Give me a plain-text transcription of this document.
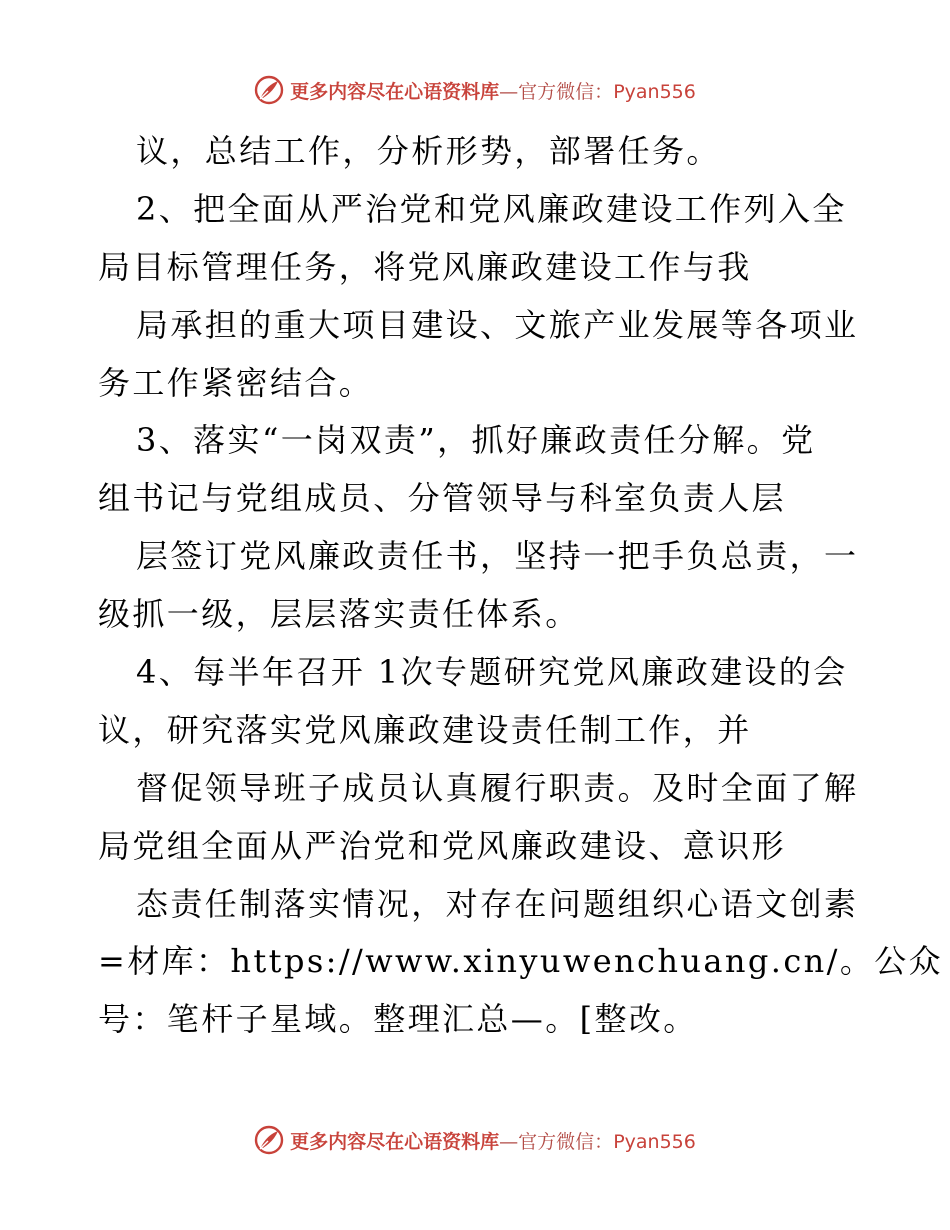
更多内容尽在心语资料库—官方微信：Pyan556
议，总结工作，分析形势，部署任务。
2、把全面从严治党和党风廉政建设工作列入全
局目标管理任务，将党风廉政建设工作与我
局承担的重大项目建设、文旅产业发展等各项业
务工作紧密结合。
3、落实“一岗双责”，抓好廉政责任分解。党
组书记与党组成员、分管领导与科室负责人层
层签订党风廉政责任书，坚持一把手负总责，一
级抓一级，层层落实责任体系。
4、每半年召开 1次专题研究党风廉政建设的会
议，研究落实党风廉政建设责任制工作，并
督促领导班子成员认真履行职责。及时全面了解
局党组全面从严治党和党风廉政建设、意识形
态责任制落实情况，对存在问题组织心语文创素
=材库：https://www.xinyuwenchuang.cn/。公众
号：笔杆子星域。整理汇总—。[整改。
更多内容尽在心语资料库—官方微信：Pyan556
